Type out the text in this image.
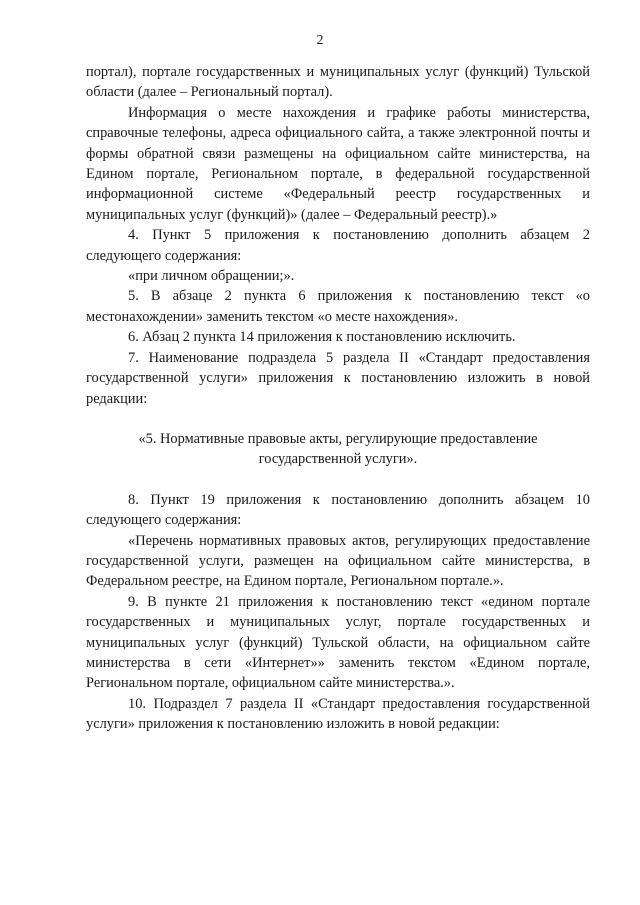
2

портал), портале государственных и муниципальных услуг (функций) Тульской области (далее – Региональный портал).

Информация о месте нахождения и графике работы министерства, справочные телефоны, адреса официального сайта, а также электронной почты и формы обратной связи размещены на официальном сайте министерства, на Едином портале, Региональном портале, в федеральной государственной информационной системе «Федеральный реестр государственных и муниципальных услуг (функций)» (далее – Федеральный реестр).»

4. Пункт 5 приложения к постановлению дополнить абзацем 2 следующего содержания:

«при личном обращении;».

5. В абзаце 2 пункта 6 приложения к постановлению текст «о местонахождении» заменить текстом «о месте нахождения».

6. Абзац 2 пункта 14 приложения к постановлению исключить.

7. Наименование подраздела 5 раздела II «Стандарт предоставления государственной услуги» приложения к постановлению изложить в новой редакции:

«5. Нормативные правовые акты, регулирующие предоставление государственной услуги».

8. Пункт 19 приложения к постановлению дополнить абзацем 10 следующего содержания:

«Перечень нормативных правовых актов, регулирующих предоставление государственной услуги, размещен на официальном сайте министерства, в Федеральном реестре, на Едином портале, Региональном портале.».

9. В пункте 21 приложения к постановлению текст «едином портале государственных и муниципальных услуг, портале государственных и муниципальных услуг (функций) Тульской области, на официальном сайте министерства в сети «Интернет»» заменить текстом «Едином портале, Региональном портале, официальном сайте министерства.».

10. Подраздел 7 раздела II «Стандарт предоставления государственной услуги» приложения к постановлению изложить в новой редакции:
